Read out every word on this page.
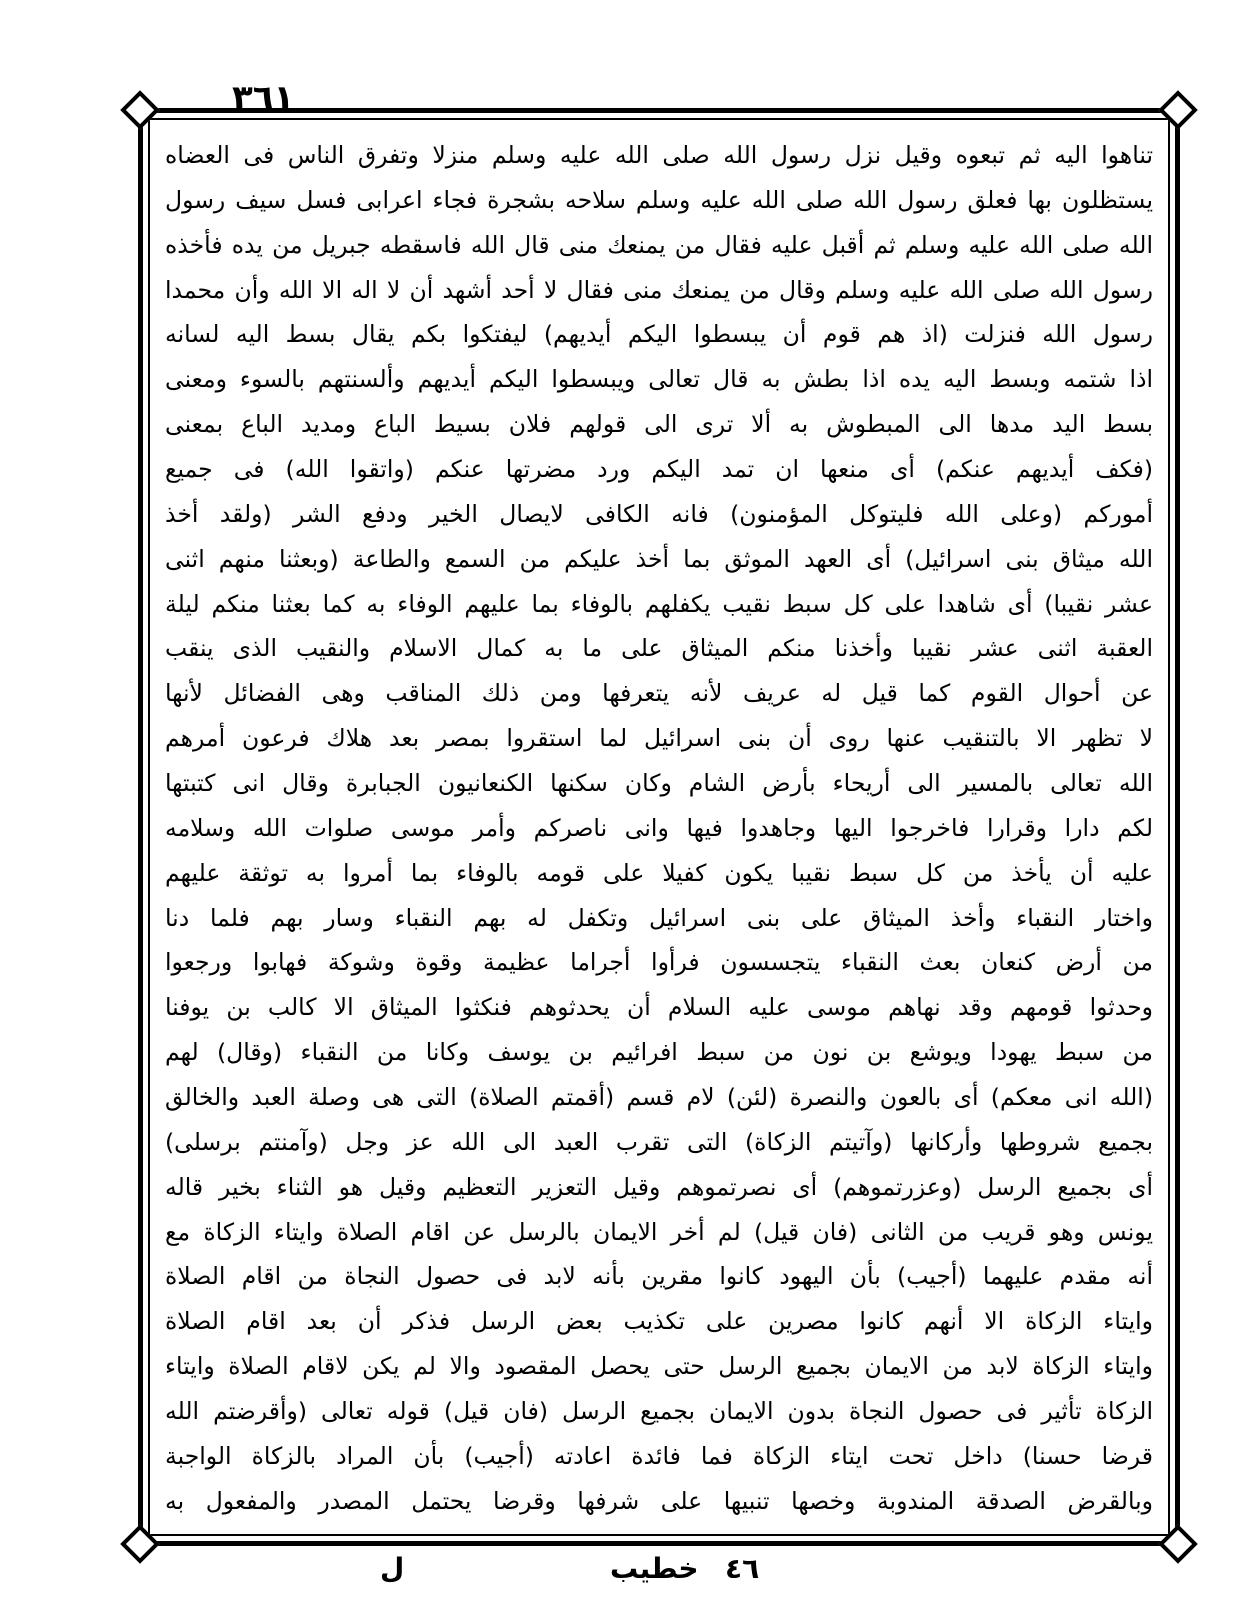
٣٦١
تناهوا اليه ثم تبعوه وقيل نزل رسول الله صلى الله عليه وسلم منزلا وتفرق الناس فى العضاه
يستظلون بها فعلق رسول الله صلى الله عليه وسلم سلاحه بشجرة فجاء اعرابى فسل سيف رسول
الله صلى الله عليه وسلم ثم أقبل عليه فقال من يمنعك منى قال الله فاسقطه جبريل من يده فأخذه
رسول الله صلى الله عليه وسلم وقال من يمنعك منى فقال لا أحد أشهد أن لا اله الا الله وأن محمدا
رسول الله فنزلت (اذ هم قوم أن يبسطوا اليكم أيديهم) ليفتكوا بكم يقال بسط اليه لسانه
اذا شتمه وبسط اليه يده اذا بطش به قال تعالى ويبسطوا اليكم أيديهم وألسنتهم بالسوء ومعنى
بسط اليد مدها الى المبطوش به ألا ترى الى قولهم فلان بسيط الباع ومديد الباع بمعنى
(فكف أيديهم عنكم) أى منعها ان تمد اليكم ورد مضرتها عنكم (واتقوا الله) فى جميع
أموركم (وعلى الله فليتوكل المؤمنون) فانه الكافى لايصال الخير ودفع الشر (ولقد أخذ
الله ميثاق بنى اسرائيل) أى العهد الموثق بما أخذ عليكم من السمع والطاعة (وبعثنا منهم اثنى
عشر نقيبا) أى شاهدا على كل سبط نقيب يكفلهم بالوفاء بما عليهم الوفاء به كما بعثنا منكم ليلة
العقبة اثنى عشر نقيبا وأخذنا منكم الميثاق على ما به كمال الاسلام والنقيب الذى ينقب
عن أحوال القوم كما قيل له عريف لأنه يتعرفها ومن ذلك المناقب وهى الفضائل لأنها
لا تظهر الا بالتنقيب عنها روى أن بنى اسرائيل لما استقروا بمصر بعد هلاك فرعون أمرهم
الله تعالى بالمسير الى أريحاء بأرض الشام وكان سكنها الكنعانيون الجبابرة وقال انى كتبتها
لكم دارا وقرارا فاخرجوا اليها وجاهدوا فيها وانى ناصركم وأمر موسى صلوات الله وسلامه
عليه أن يأخذ من كل سبط نقيبا يكون كفيلا على قومه بالوفاء بما أمروا به توثقة عليهم
واختار النقباء وأخذ الميثاق على بنى اسرائيل وتكفل له بهم النقباء وسار بهم فلما دنا
من أرض كنعان بعث النقباء يتجسسون فرأوا أجراما عظيمة وقوة وشوكة فهابوا ورجعوا
وحدثوا قومهم وقد نهاهم موسى عليه السلام أن يحدثوهم فنكثوا الميثاق الا كالب بن يوفنا
من سبط يهودا ويوشع بن نون من سبط افرائيم بن يوسف وكانا من النقباء (وقال) لهم
(الله انى معكم) أى بالعون والنصرة (لئن) لام قسم (أقمتم الصلاة) التى هى وصلة العبد والخالق
بجميع شروطها وأركانها (وآتيتم الزكاة) التى تقرب العبد الى الله عز وجل (وآمنتم برسلى)
أى بجميع الرسل (وعزرتموهم) أى نصرتموهم وقيل التعزير التعظيم وقيل هو الثناء بخير قاله
يونس وهو قريب من الثانى (فان قيل) لم أخر الايمان بالرسل عن اقام الصلاة وايتاء الزكاة مع
أنه مقدم عليهما (أجيب) بأن اليهود كانوا مقرين بأنه لابد فى حصول النجاة من اقام الصلاة
وايتاء الزكاة الا أنهم كانوا مصرين على تكذيب بعض الرسل فذكر أن بعد اقام الصلاة
وايتاء الزكاة لابد من الايمان بجميع الرسل حتى يحصل المقصود والا لم يكن لاقام الصلاة وايتاء
الزكاة تأثير فى حصول النجاة بدون الايمان بجميع الرسل (فان قيل) قوله تعالى (وأقرضتم الله
قرضا حسنا) داخل تحت ايتاء الزكاة فما فائدة اعادته (أجيب) بأن المراد بالزكاة الواجبة
وبالقرض الصدقة المندوبة وخصها تنبيها على شرفها وقرضا يحتمل المصدر والمفعول به
ل	خطيب ٤٦
